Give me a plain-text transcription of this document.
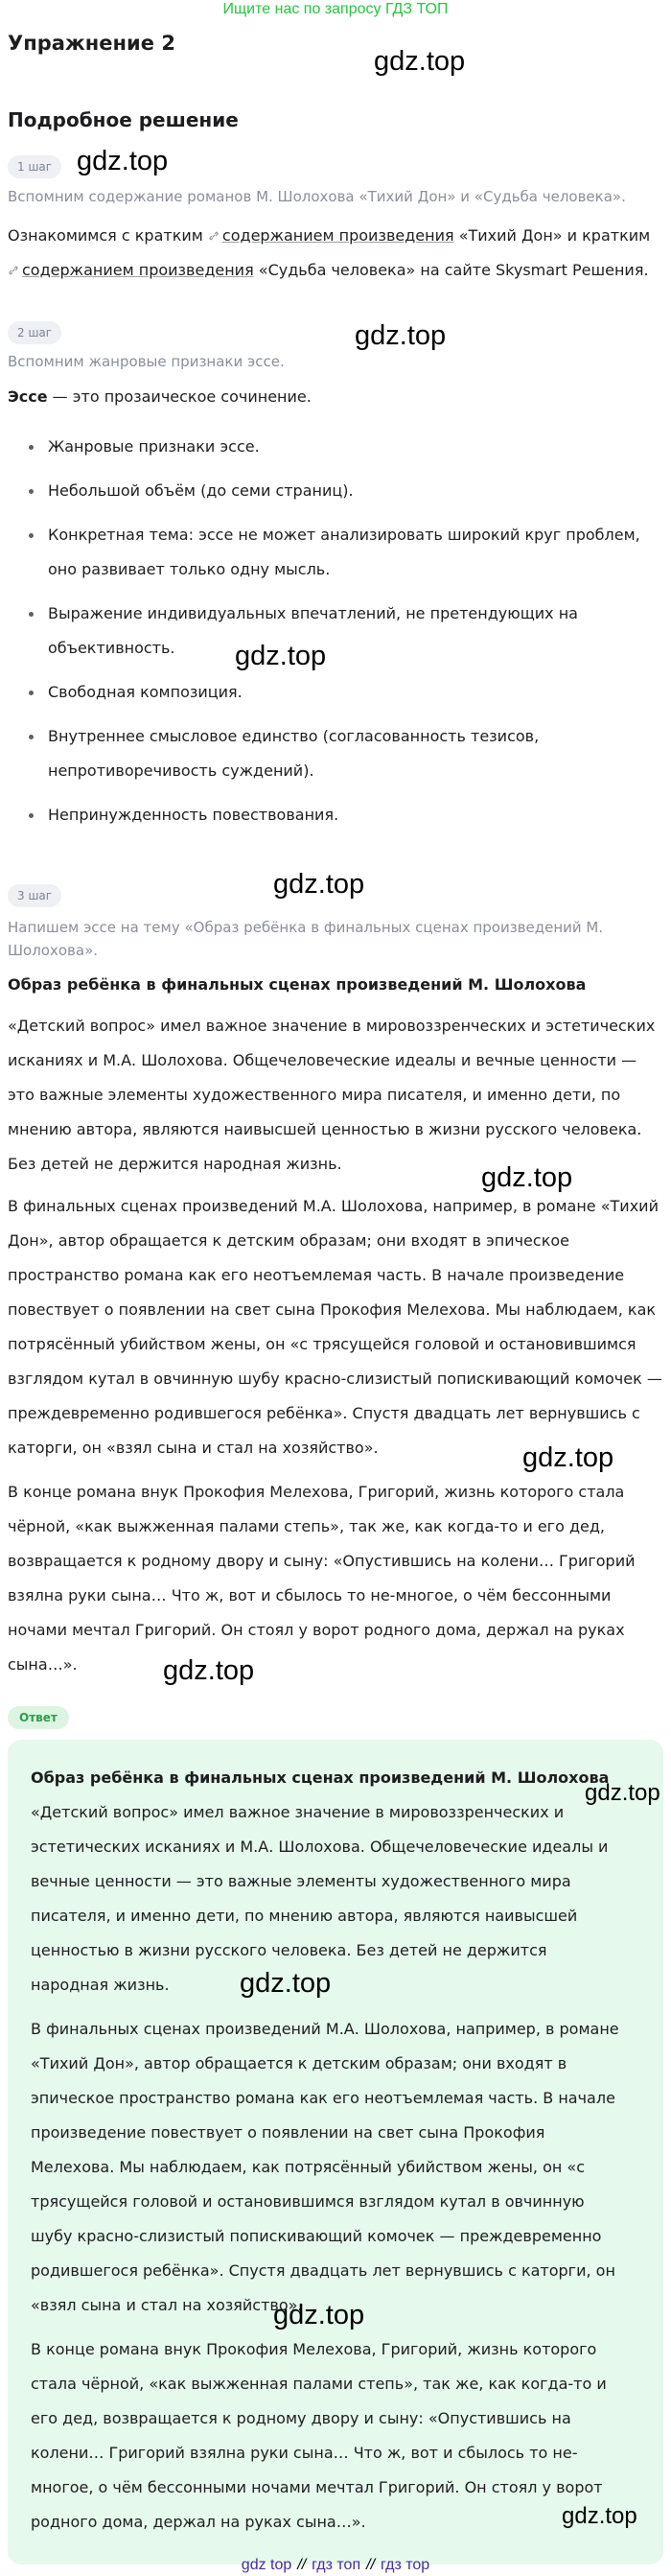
Ищите нас по запросу ГДЗ ТОП
Упражнение 2
gdz.top
Подробное решение
1 шаг gdz.top
Вспомним содержание романов М. Шолохова «Тихий Дон» и «Судьба человека».
Ознакомимся с кратким содержанием произведения «Тихий Дон» и кратким содержанием произведения «Судьба человека» на сайте Skysmart Решения.
2 шаг	gdz.top
Вспомним жанровые признаки эссе.
Эссе — это прозаическое сочинение.
Жанровые признаки эссе.
Небольшой объём (до семи страниц).
Конкретная тема: эссе не может анализировать широкий круг проблем, оно развивает только одну мысль.
Выражение индивидуальных впечатлений, не претендующих на объективность.
Свободная композиция.
Внутреннее смысловое единство (согласованность тезисов, непротиворечивость суждений).
Непринужденность повествования.
gdz.top
gdz.top
3 шаг
Напишем эссе на тему «Образ ребёнка в финальных сценах произведений М. Шолохова».
Образ ребёнка в финальных сценах произведений М. Шолохова
«Детский вопрос» имел важное значение в мировоззренческих и эстетических исканиях и М.А. Шолохова. Общечеловеческие идеалы и вечные ценности — это важные элементы художественного мира писателя, и именно дети, по мнению автора, являются наивысшей ценностью в жизни русского человека. Без детей не держится народная жизнь.	gdz.top
В финальных сценах произведений М.А. Шолохова, например, в романе «Тихий Дон», автор обращается к детским образам; они входят в эпическое пространство романа как его неотъемлемая часть. В начале произведение повествует о появлении на свет сына Прокофия Мелехова. Мы наблюдаем, как потрясённый убийством жены, он «с трясущейся головой и остановившимся взглядом кутал в овчинную шубу красно-слизистый попискивающий комочек — преждевременно родившегося ребёнка». Спустя двадцать лет вернувшись с каторги, он «взял сына и стал на хозяйство».	gdz.top
В конце романа внук Прокофия Мелехова, Григорий, жизнь которого стала чёрной, «как выжженная палами степь», так же, как когда-то и его дед, возвращается к родному двору и сыну: «Опустившись на колени… Григорий взялна руки сына… Что ж, вот и сбылось то не-многое, о чём бессонными ночами мечтал Григорий. Он стоял у ворот родного дома, держал на руках сына…».	gdz.top
Ответ
Образ ребёнка в финальных сценах произведений М. Шолохова
«Детский вопрос» имел важное значение в мировоззренческих и эстетических исканиях и М.А. Шолохова. Общечеловеческие идеалы и вечные ценности — это важные элементы художественного мира писателя, и именно дети, по мнению автора, являются наивысшей ценностью в жизни русского человека. Без детей не держится народная жизнь.
В финальных сценах произведений М.А. Шолохова, например, в романе «Тихий Дон», автор обращается к детским образам; они входят в эпическое пространство романа как его неотъемлемая часть. В начале произведение повествует о появлении на свет сына Прокофия Мелехова. Мы наблюдаем, как потрясённый убийством жены, он «с трясущейся головой и остановившимся взглядом кутал в овчинную шубу красно-слизистый попискивающий комочек — преждевременно родившегося ребёнка». Спустя двадцать лет вернувшись с каторги, он «взял сына и стал на хозяйство».
В конце романа внук Прокофия Мелехова, Григорий, жизнь которого стала чёрной, «как выжженная палами степь», так же, как когда-то и его дед, возвращается к родному двору и сыну: «Опустившись на колени… Григорий взялна руки сына… Что ж, вот и сбылось то не-многое, о чём бессонными ночами мечтал Григорий. Он стоял у ворот родного дома, держал на руках сына…».
gdz.top
gdz.top
gdz.top
gdz.top
gdz top // гдз топ // гдз тор
